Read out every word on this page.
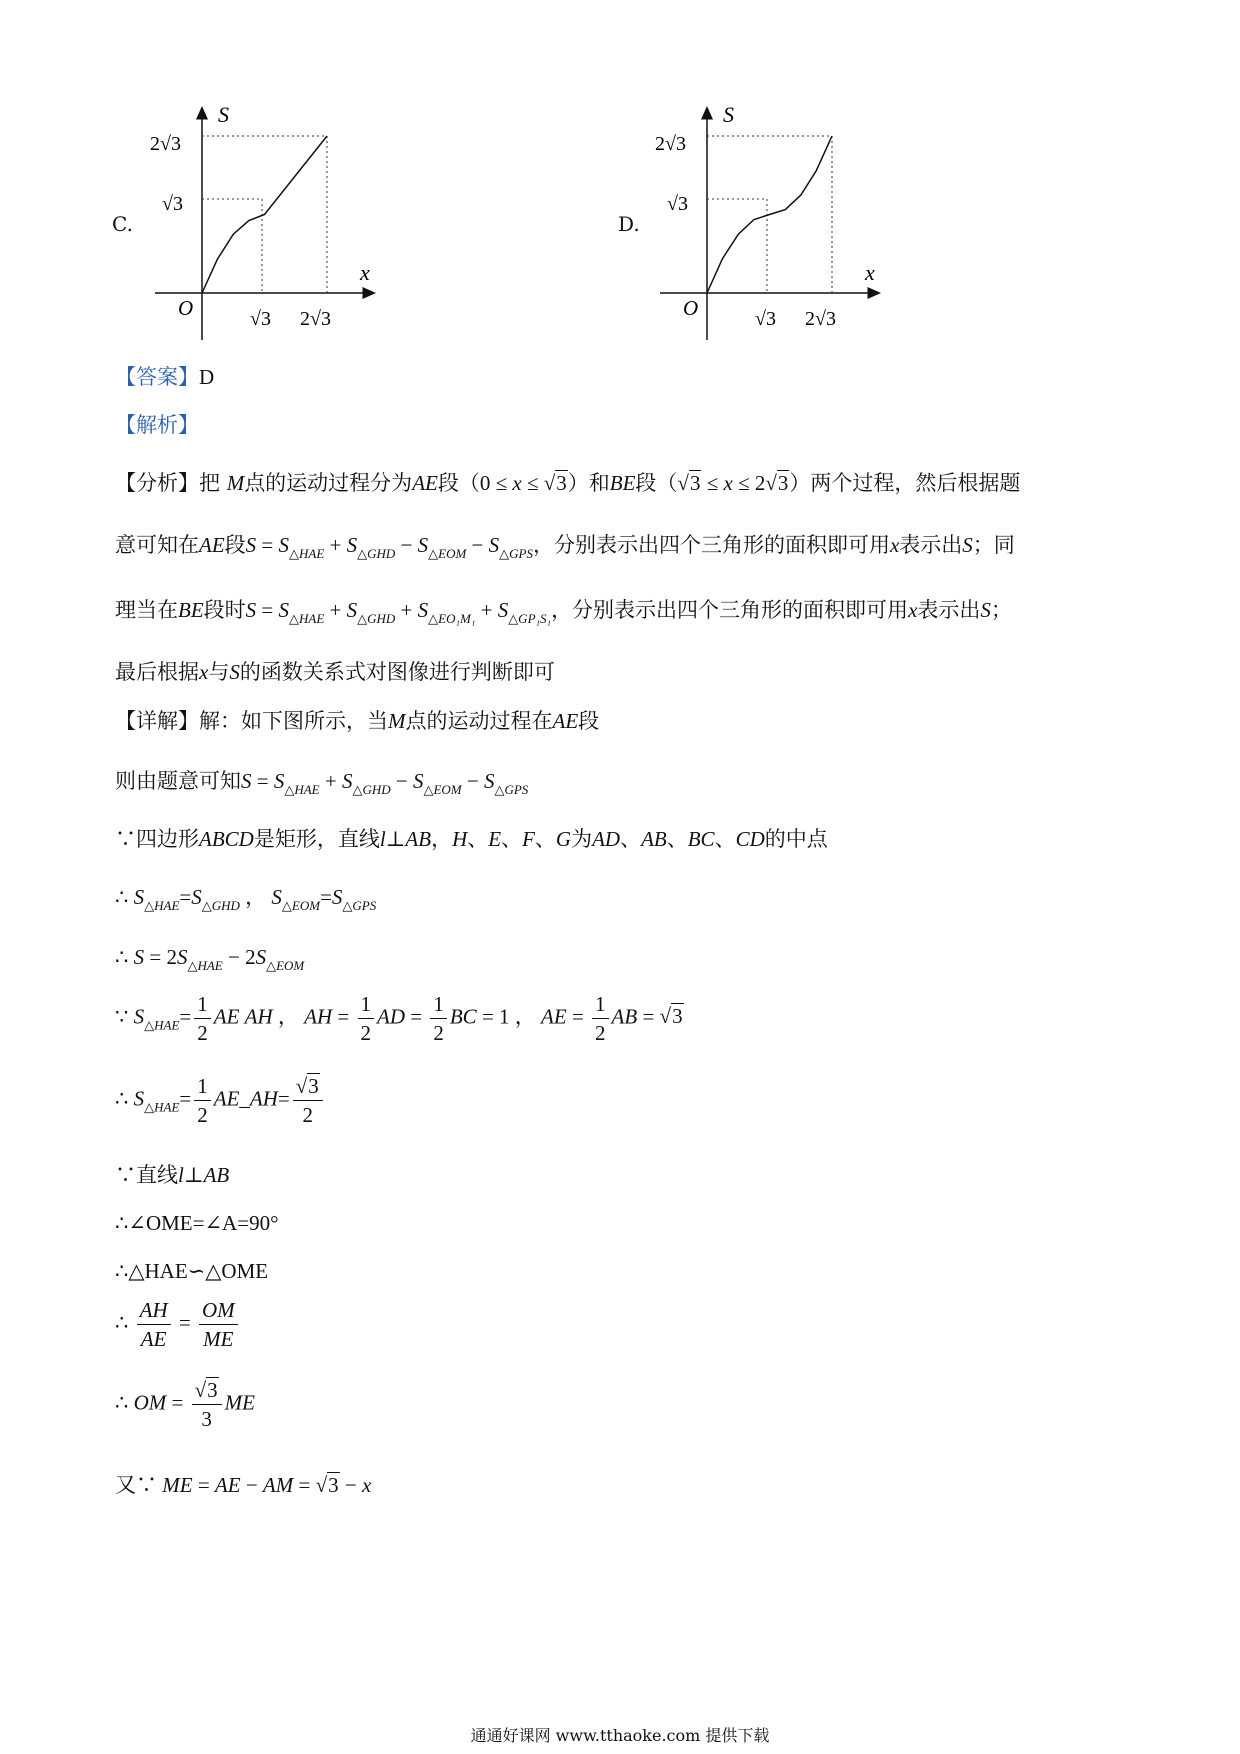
C.
S
x
O
2√3
√3
√3 2√3
D.
S
x
O
2√3
√3
√3 2√3
【答案】D
【解析】
【分析】把 M点的运动过程分为AE段（0 ≤ x ≤ √3）和BE段（√3 ≤ x ≤ 2√3）两个过程，然后根据题
意可知在AE段$S = S_{\triangle HAE} + S_{\triangle GHD} - S_{\triangle EOM} - S_{\triangle GPS}$，分别表示出四个三角形的面积即可用x表示出S；同
理当在BE段时$S = S_{\triangle HAE} + S_{\triangle GHD} + S_{\triangle EO_1M_1} + S_{\triangle GP_1S_1}$，分别表示出四个三角形的面积即可用x表示出S；
最后根据x与S的函数关系式对图像进行判断即可
【详解】解：如下图所示，当M点的运动过程在AE段
则由题意可知$S = S_{\triangle HAE} + S_{\triangle GHD} - S_{\triangle EOM} - S_{\triangle GPS}$
∵四边形ABCD是矩形，直线l⊥AB，H、E、F、G为AD、AB、BC、CD的中点
∴ $S_{\triangle HAE}=S_{\triangle GHD}$ ， $S_{\triangle EOM}=S_{\triangle GPS}$
∴ $S = 2S_{\triangle HAE} - 2S_{\triangle EOM}$
∵ $S_{\triangle HAE}= \frac{1}{2}$ AE AH ， AH = $\frac{1}{2}$ AD = $\frac{1}{2}$ BC = 1 ， AE = $\frac{1}{2}$ AB = √3
∴ $S_{\triangle HAE}= \frac{1}{2}$ AE_AH= $\frac{√3}{2}$
∵直线l⊥AB
∴∠OME=∠A=90°
∴△HAE∽△OME
∴ $\frac{AH}{AE} = \frac{OM}{ME}$
∴ OM = $\frac{√3}{3}$ ME
又∵ ME = AE − AM = √3 − x
通通好课网 www.tthaoke.com 提供下载
